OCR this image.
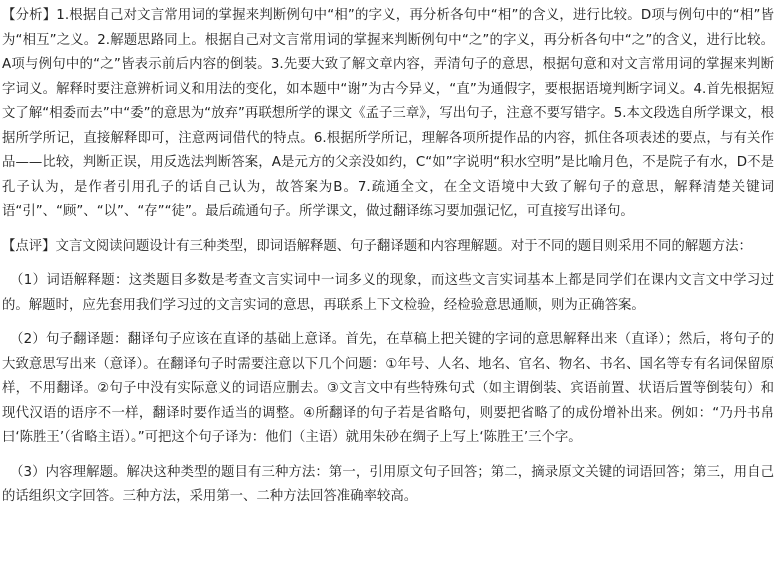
【分析】1.根据自己对文言常用词的掌握来判断例句中“相”的字义，再分析各句中“相”的含义，进行比较。D项与例句中的“相”皆为“相互”之义。2.解题思路同上。根据自己对文言常用词的掌握来判断例句中“之”的字义，再分析各句中“之”的含义，进行比较。A项与例句中的“之”皆表示前后内容的倒装。3.先要大致了解文章内容，弄清句子的意思，根据句意和对文言常用词的掌握来判断字词义。解释时要注意辨析词义和用法的变化，如本题中“谢”为古今异义，“直”为通假字，要根据语境判断字词义。4.首先根据短文了解“相委而去”中“委”的意思为“放弃”再联想所学的课文《孟子三章》，写出句子，注意不要写错字。5.本文段选自所学课文，根据所学所记，直接解释即可，注意两词借代的特点。6.根据所学所记，理解各项所提作品的内容，抓住各项表述的要点，与有关作品——比较，判断正误，用反选法判断答案，A是元方的父亲没如约，C“如”字说明“积水空明”是比喻月色，不是院子有水，D不是孔子认为，是作者引用孔子的话自己认为，故答案为B。7.疏通全文，在全文语境中大致了解句子的意思，解释清楚关键词语“引”、“顾”、“以”、“存”“徒”。最后疏通句子。所学课文，做过翻译练习要加强记忆，可直接写出译句。

【点评】文言文阅读问题设计有三种类型，即词语解释题、句子翻译题和内容理解题。对于不同的题目则采用不同的解题方法：

（1）词语解释题：这类题目多数是考查文言实词中一词多义的现象，而这些文言实词基本上都是同学们在课内文言文中学习过的。解题时，应先套用我们学习过的文言实词的意思，再联系上下文检验，经检验意思通顺，则为正确答案。

（2）句子翻译题：翻译句子应该在直译的基础上意译。首先，在草稿上把关键的字词的意思解释出来（直译）；然后，将句子的大致意思写出来（意译）。在翻译句子时需要注意以下几个问题：①年号、人名、地名、官名、物名、书名、国名等专有名词保留原样，不用翻译。②句子中没有实际意义的词语应删去。③文言文中有些特殊句式（如主谓倒装、宾语前置、状语后置等倒装句）和现代汉语的语序不一样，翻译时要作适当的调整。④所翻译的句子若是省略句，则要把省略了的成份增补出来。例如：“乃丹书帛曰‘陈胜王’（省略主语）。”可把这个句子译为：他们（主语）就用朱砂在绸子上写上‘陈胜王’三个字。

（3）内容理解题。解决这种类型的题目有三种方法：第一，引用原文句子回答；第二，摘录原文关键的词语回答；第三，用自己的话组织文字回答。三种方法，采用第一、二种方法回答准确率较高。
